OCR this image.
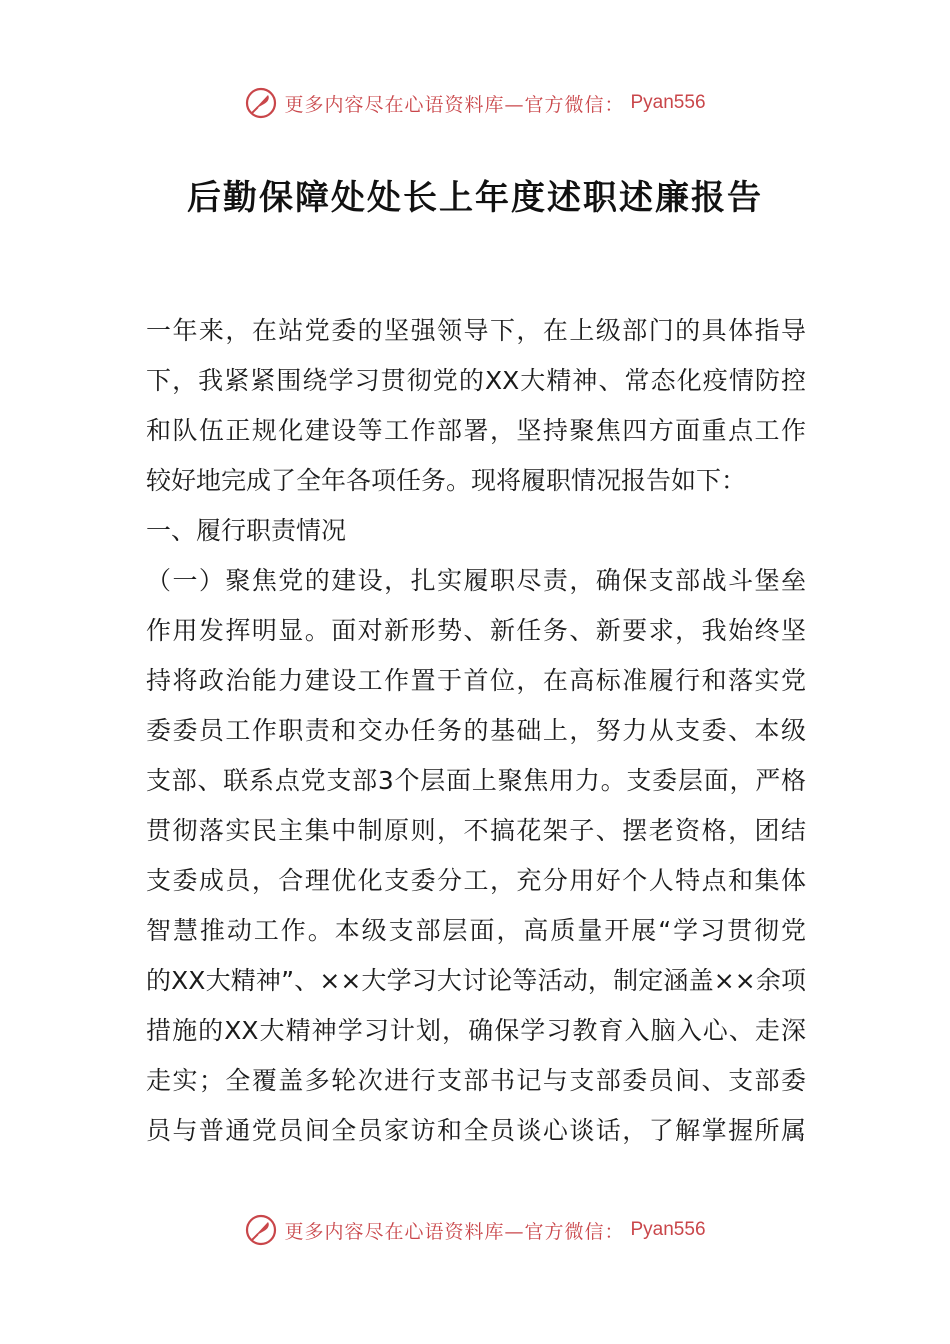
更多内容尽在心语资料库—官方微信： Pyan556
后勤保障处处长上年度述职述廉报告
一年来，在站党委的坚强领导下，在上级部门的具体指导
下，我紧紧围绕学习贯彻党的XX大精神、常态化疫情防控
和队伍正规化建设等工作部署，坚持聚焦四方面重点工作
较好地完成了全年各项任务。现将履职情况报告如下：
一、履行职责情况
（一）聚焦党的建设，扎实履职尽责，确保支部战斗堡垒
作用发挥明显。面对新形势、新任务、新要求，我始终坚
持将政治能力建设工作置于首位，在高标准履行和落实党
委委员工作职责和交办任务的基础上，努力从支委、本级
支部、联系点党支部3个层面上聚焦用力。支委层面，严格
贯彻落实民主集中制原则，不搞花架子、摆老资格，团结
支委成员，合理优化支委分工，充分用好个人特点和集体
智慧推动工作。本级支部层面，高质量开展“学习贯彻党
的XX大精神”、××大学习大讨论等活动，制定涵盖××余项
措施的XX大精神学习计划，确保学习教育入脑入心、走深
走实；全覆盖多轮次进行支部书记与支部委员间、支部委
员与普通党员间全员家访和全员谈心谈话，了解掌握所属
更多内容尽在心语资料库—官方微信： Pyan556
